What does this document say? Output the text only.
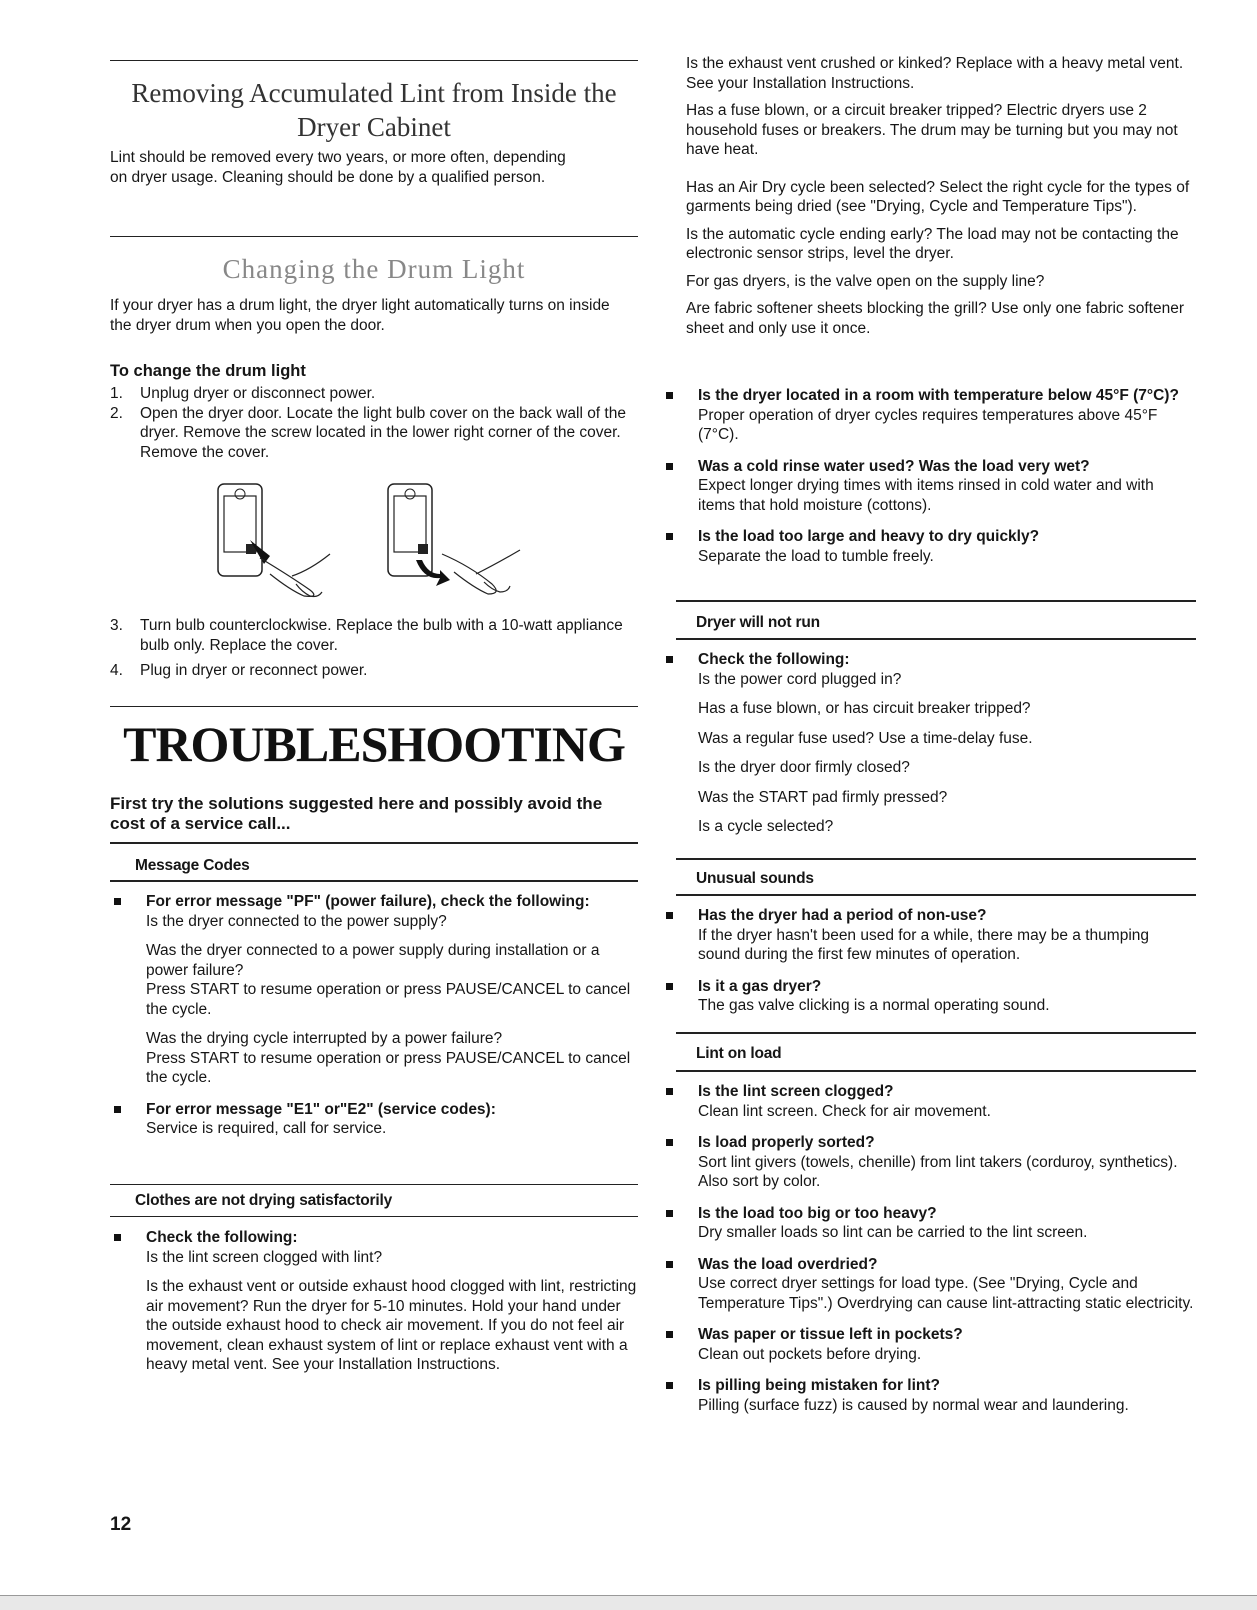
Removing Accumulated Lint from Inside the Dryer Cabinet

Lint should be removed every two years, or more often, depending on dryer usage. Cleaning should be done by a qualified person.

Changing the Drum Light

If your dryer has a drum light, the dryer light automatically turns on inside the dryer drum when you open the door.

To change the drum light

1. Unplug dryer or disconnect power.
2. Open the dryer door. Locate the light bulb cover on the back wall of the dryer. Remove the screw located in the lower right corner of the cover. Remove the cover.
3. Turn bulb counterclockwise. Replace the bulb with a 10-watt appliance bulb only. Replace the cover.
4. Plug in dryer or reconnect power.
TROUBLESHOOTING

First try the solutions suggested here and possibly avoid the cost of a service call...

Message Codes
For error message "PF" (power failure), check the following:
Is the dryer connected to the power supply?
Was the dryer connected to a power supply during installation or a power failure?
Press START to resume operation or press PAUSE/CANCEL to cancel the cycle.
Was the drying cycle interrupted by a power failure?
Press START to resume operation or press PAUSE/CANCEL to cancel the cycle.
For error message "E1" or"E2" (service codes):
Service is required, call for service.
Clothes are not drying satisfactorily
Check the following:
Is the lint screen clogged with lint?
Is the exhaust vent or outside exhaust hood clogged with lint, restricting air movement? Run the dryer for 5-10 minutes. Hold your hand under the outside exhaust hood to check air movement. If you do not feel air movement, clean exhaust system of lint or replace exhaust vent with a heavy metal vent. See your Installation Instructions.
12

Is the exhaust vent crushed or kinked? Replace with a heavy metal vent. See your Installation Instructions.

Has a fuse blown, or a circuit breaker tripped? Electric dryers use 2 household fuses or breakers. The drum may be turning but you may not have heat.

Has an Air Dry cycle been selected? Select the right cycle for the types of garments being dried (see "Drying, Cycle and Temperature Tips").

Is the automatic cycle ending early? The load may not be contacting the electronic sensor strips, level the dryer.

For gas dryers, is the valve open on the supply line?

Are fabric softener sheets blocking the grill? Use only one fabric softener sheet and only use it once.

Is the dryer located in a room with temperature below 45°F (7°C)?
Proper operation of dryer cycles requires temperatures above 45°F (7°C).
Was a cold rinse water used? Was the load very wet?
Expect longer drying times with items rinsed in cold water and with items that hold moisture (cottons).
Is the load too large and heavy to dry quickly?
Separate the load to tumble freely.
Dryer will not run
Check the following:
Is the power cord plugged in?
Has a fuse blown, or has circuit breaker tripped?
Was a regular fuse used? Use a time-delay fuse.
Is the dryer door firmly closed?
Was the START pad firmly pressed?
Is a cycle selected?
Unusual sounds
Has the dryer had a period of non-use?
If the dryer hasn't been used for a while, there may be a thumping sound during the first few minutes of operation.
Is it a gas dryer?
The gas valve clicking is a normal operating sound.
Lint on load
Is the lint screen clogged?
Clean lint screen. Check for air movement.
Is load properly sorted?
Sort lint givers (towels, chenille) from lint takers (corduroy, synthetics). Also sort by color.
Is the load too big or too heavy?
Dry smaller loads so lint can be carried to the lint screen.
Was the load overdried?
Use correct dryer settings for load type. (See "Drying, Cycle and Temperature Tips".) Overdrying can cause lint-attracting static electricity.
Was paper or tissue left in pockets?
Clean out pockets before drying.
Is pilling being mistaken for lint?
Pilling (surface fuzz) is caused by normal wear and laundering.
